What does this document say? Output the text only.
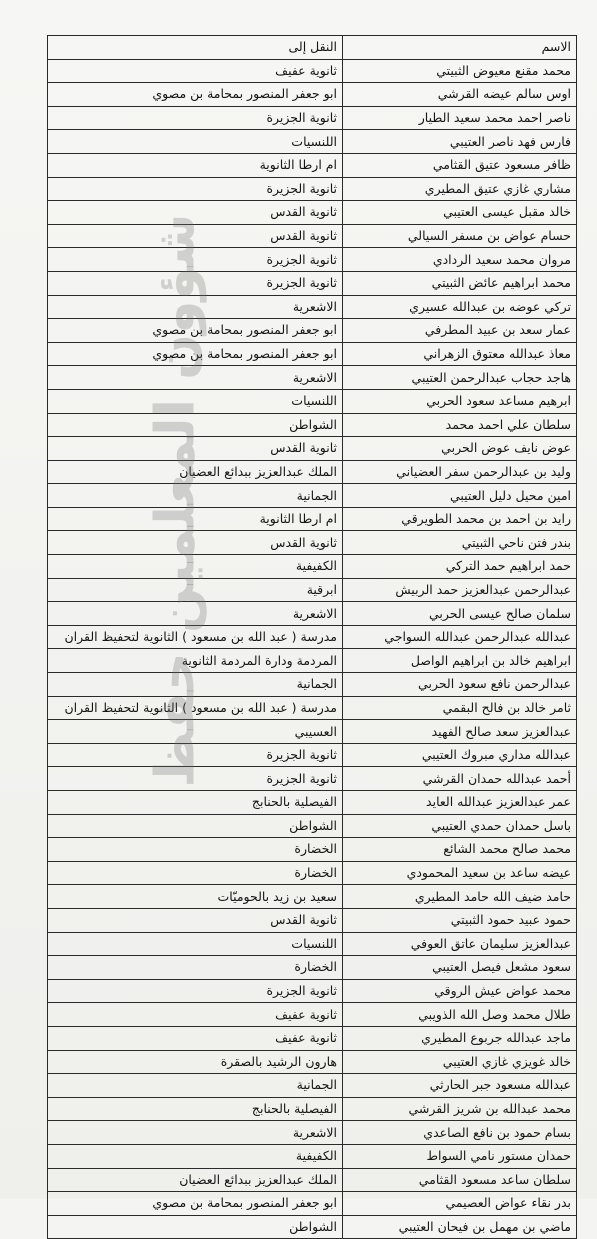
الاسم	النقل إلى
محمد مقنع معيوض الثبيتي	ثانوية عفيف
اوس سالم عيضه القرشي	ابو جعفر المنصور بمحامة بن مصوي
ناصر احمد محمد سعيد الطيار	ثانوية الجزيرة
فارس فهد ناصر العتيبي	اللنسيات
ظافر مسعود عتيق القثامي	ام ارطا الثانوية
مشاري غازي عتيق المطيري	ثانوية الجزيرة
خالد مقبل عيسى العتيبي	ثانوية القدس
حسام عواض بن مسفر السيالي	ثانوية القدس
مروان محمد سعيد الردادي	ثانوية الجزيرة
محمد ابراهيم عائض الثبيتي	ثانوية الجزيرة
تركي عوضه بن عبدالله عسيري	الاشعرية
عمار سعد بن عبيد المطرفي	ابو جعفر المنصور بمحامة بن مصوي
معاذ عبدالله معتوق الزهراني	ابو جعفر المنصور بمحامة بن مصوي
هاجد حجاب عبدالرحمن العتيبي	الاشعرية
ابرهيم مساعد سعود الحربي	اللنسيات
سلطان علي احمد محمد	الشواطن
عوض نايف عوض الحربي	ثانوية القدس
وليد بن عبدالرحمن سفر العضياني	الملك عبدالعزيز ببدائع العضيان
امين محيل دليل العتيبي	الجمانية
رايد بن احمد بن محمد الطويرقي	ام ارطا الثانوية
بندر فتن ناحي الثبيتي	ثانوية القدس
حمد ابراهيم حمد التركي	الكفيفية
عبدالرحمن عبدالعزيز حمد الربيش	ابرقية
سلمان صالح عيسى الحربي	الاشعرية
عبدالله عبدالرحمن عبدالله السواجي	مدرسة ( عبد الله بن مسعود ) الثانوية لتحفيظ القران
ابراهيم خالد بن ابراهيم الواصل	المردمة ودارة المردمة الثانوية
عبدالرحمن نافع سعود الحربي	الجمانية
ثامر خالد بن فالح البقمي	مدرسة ( عبد الله بن مسعود ) الثانوية لتحفيظ القران
عبدالعزيز سعد صالح الفهيد	العسيبي
عبدالله مداري مبروك العتيبي	ثانوية الجزيرة
أحمد عبدالله حمدان القرشي	ثانوية الجزيرة
عمر عبدالعزيز عبدالله العايد	الفيصلية بالحنابج
باسل حمدان حمدي العتيبي	الشواطن
محمد صالح محمد الشائع	الخضارة
عيضه ساعد بن سعيد المحمودي	الخضارة
حامد ضيف الله حامد المطيري	سعيد بن زيد بالحوميّات
حمود عبيد حمود الثبيتي	ثانوية القدس
عبدالعزيز سليمان عاتق العوفي	اللنسيات
سعود مشعل فيصل العتيبي	الخضارة
محمد عواض عيش الروقي	ثانوية الجزيرة
طلال محمد وصل الله الذويبي	ثانوية عفيف
ماجد عبدالله جربوع المطيري	ثانوية عفيف
خالد غويزي غازي العتيبي	هارون الرشيد بالصقرة
عبدالله مسعود جبر الحارثي	الجمانية
محمد عبدالله بن شريز القرشي	الفيصلية بالحنابج
بسام حمود بن نافع الصاعدي	الاشعرية
حمدان مستور نامي السواط	الكفيفية
سلطان ساعد مسعود القثامي	الملك عبدالعزيز ببدائع العضيان
بدر نقاء عواض العصيمي	ابو جعفر المنصور بمحامة بن مصوي
ماضي بن مهمل بن فيحان العتيبي	الشواطن
شؤون المعلمين حفظ
